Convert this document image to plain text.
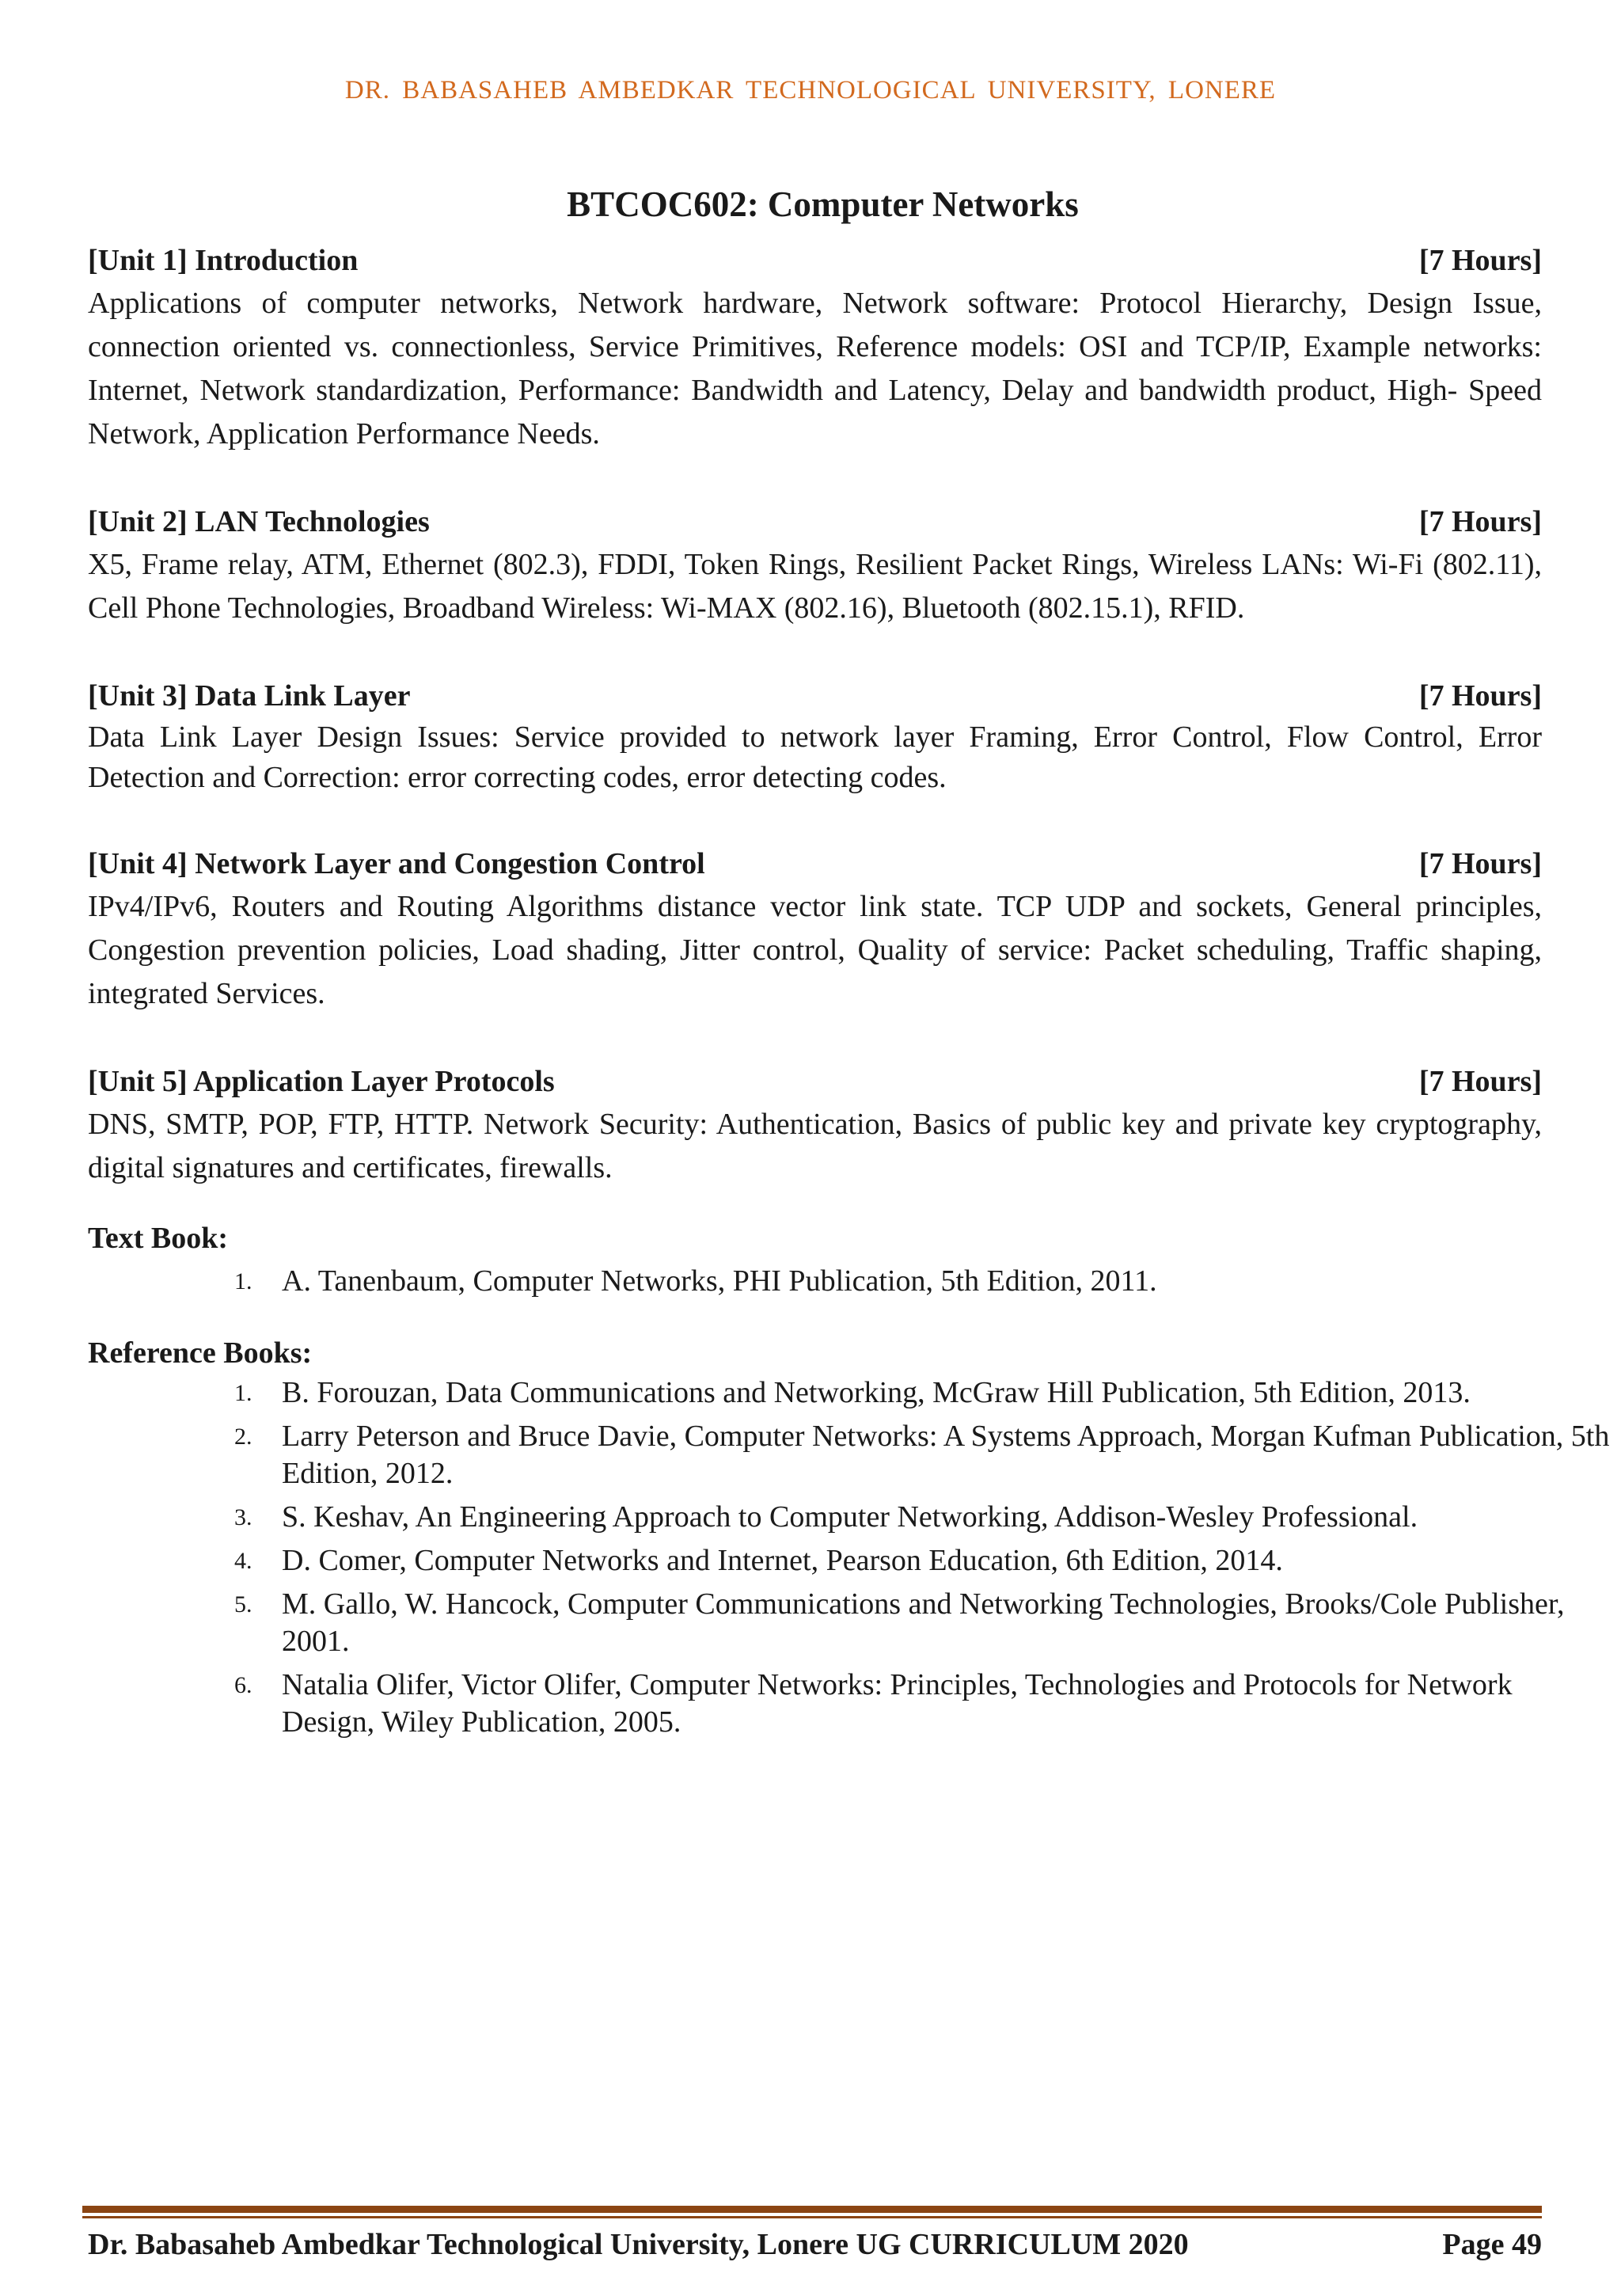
DR. BABASAHEB AMBEDKAR TECHNOLOGICAL UNIVERSITY, LONERE
BTCOC602: Computer Networks
[Unit 1] Introduction	[7 Hours]
Applications of computer networks, Network hardware, Network software: Protocol Hierarchy, Design Issue, connection oriented vs. connectionless, Service Primitives, Reference models: OSI and TCP/IP, Example networks: Internet, Network standardization, Performance: Bandwidth and Latency, Delay and bandwidth product, High- Speed Network, Application Performance Needs.
[Unit 2] LAN Technologies	[7 Hours]
X5, Frame relay, ATM, Ethernet (802.3), FDDI, Token Rings, Resilient Packet Rings, Wireless LANs: Wi-Fi (802.11), Cell Phone Technologies, Broadband Wireless: Wi-MAX (802.16), Bluetooth (802.15.1), RFID.
[Unit 3] Data Link Layer	[7 Hours]
Data Link Layer Design Issues: Service provided to network layer Framing, Error Control, Flow Control, Error Detection and Correction: error correcting codes, error detecting codes.
[Unit 4] Network Layer and Congestion Control	[7 Hours]
IPv4/IPv6, Routers and Routing Algorithms distance vector link state. TCP UDP and sockets, General principles, Congestion prevention policies, Load shading, Jitter control, Quality of service: Packet scheduling, Traffic shaping, integrated Services.
[Unit 5] Application Layer Protocols	[7 Hours]
DNS, SMTP, POP, FTP, HTTP. Network Security: Authentication, Basics of public key and private key cryptography, digital signatures and certificates, firewalls.
Text Book:
1. A. Tanenbaum, Computer Networks, PHI Publication, 5th Edition, 2011.
Reference Books:
1. B. Forouzan, Data Communications and Networking, McGraw Hill Publication, 5th Edition, 2013.
2. Larry Peterson and Bruce Davie, Computer Networks: A Systems Approach, Morgan Kufman Publication, 5th Edition, 2012.
3. S. Keshav, An Engineering Approach to Computer Networking, Addison-Wesley Professional.
4. D. Comer, Computer Networks and Internet, Pearson Education, 6th Edition, 2014.
5. M. Gallo, W. Hancock, Computer Communications and Networking Technologies, Brooks/Cole Publisher, 2001.
6. Natalia Olifer, Victor Olifer, Computer Networks: Principles, Technologies and Protocols for Network Design, Wiley Publication, 2005.
Dr. Babasaheb Ambedkar Technological University, Lonere UG CURRICULUM 2020	Page 49
